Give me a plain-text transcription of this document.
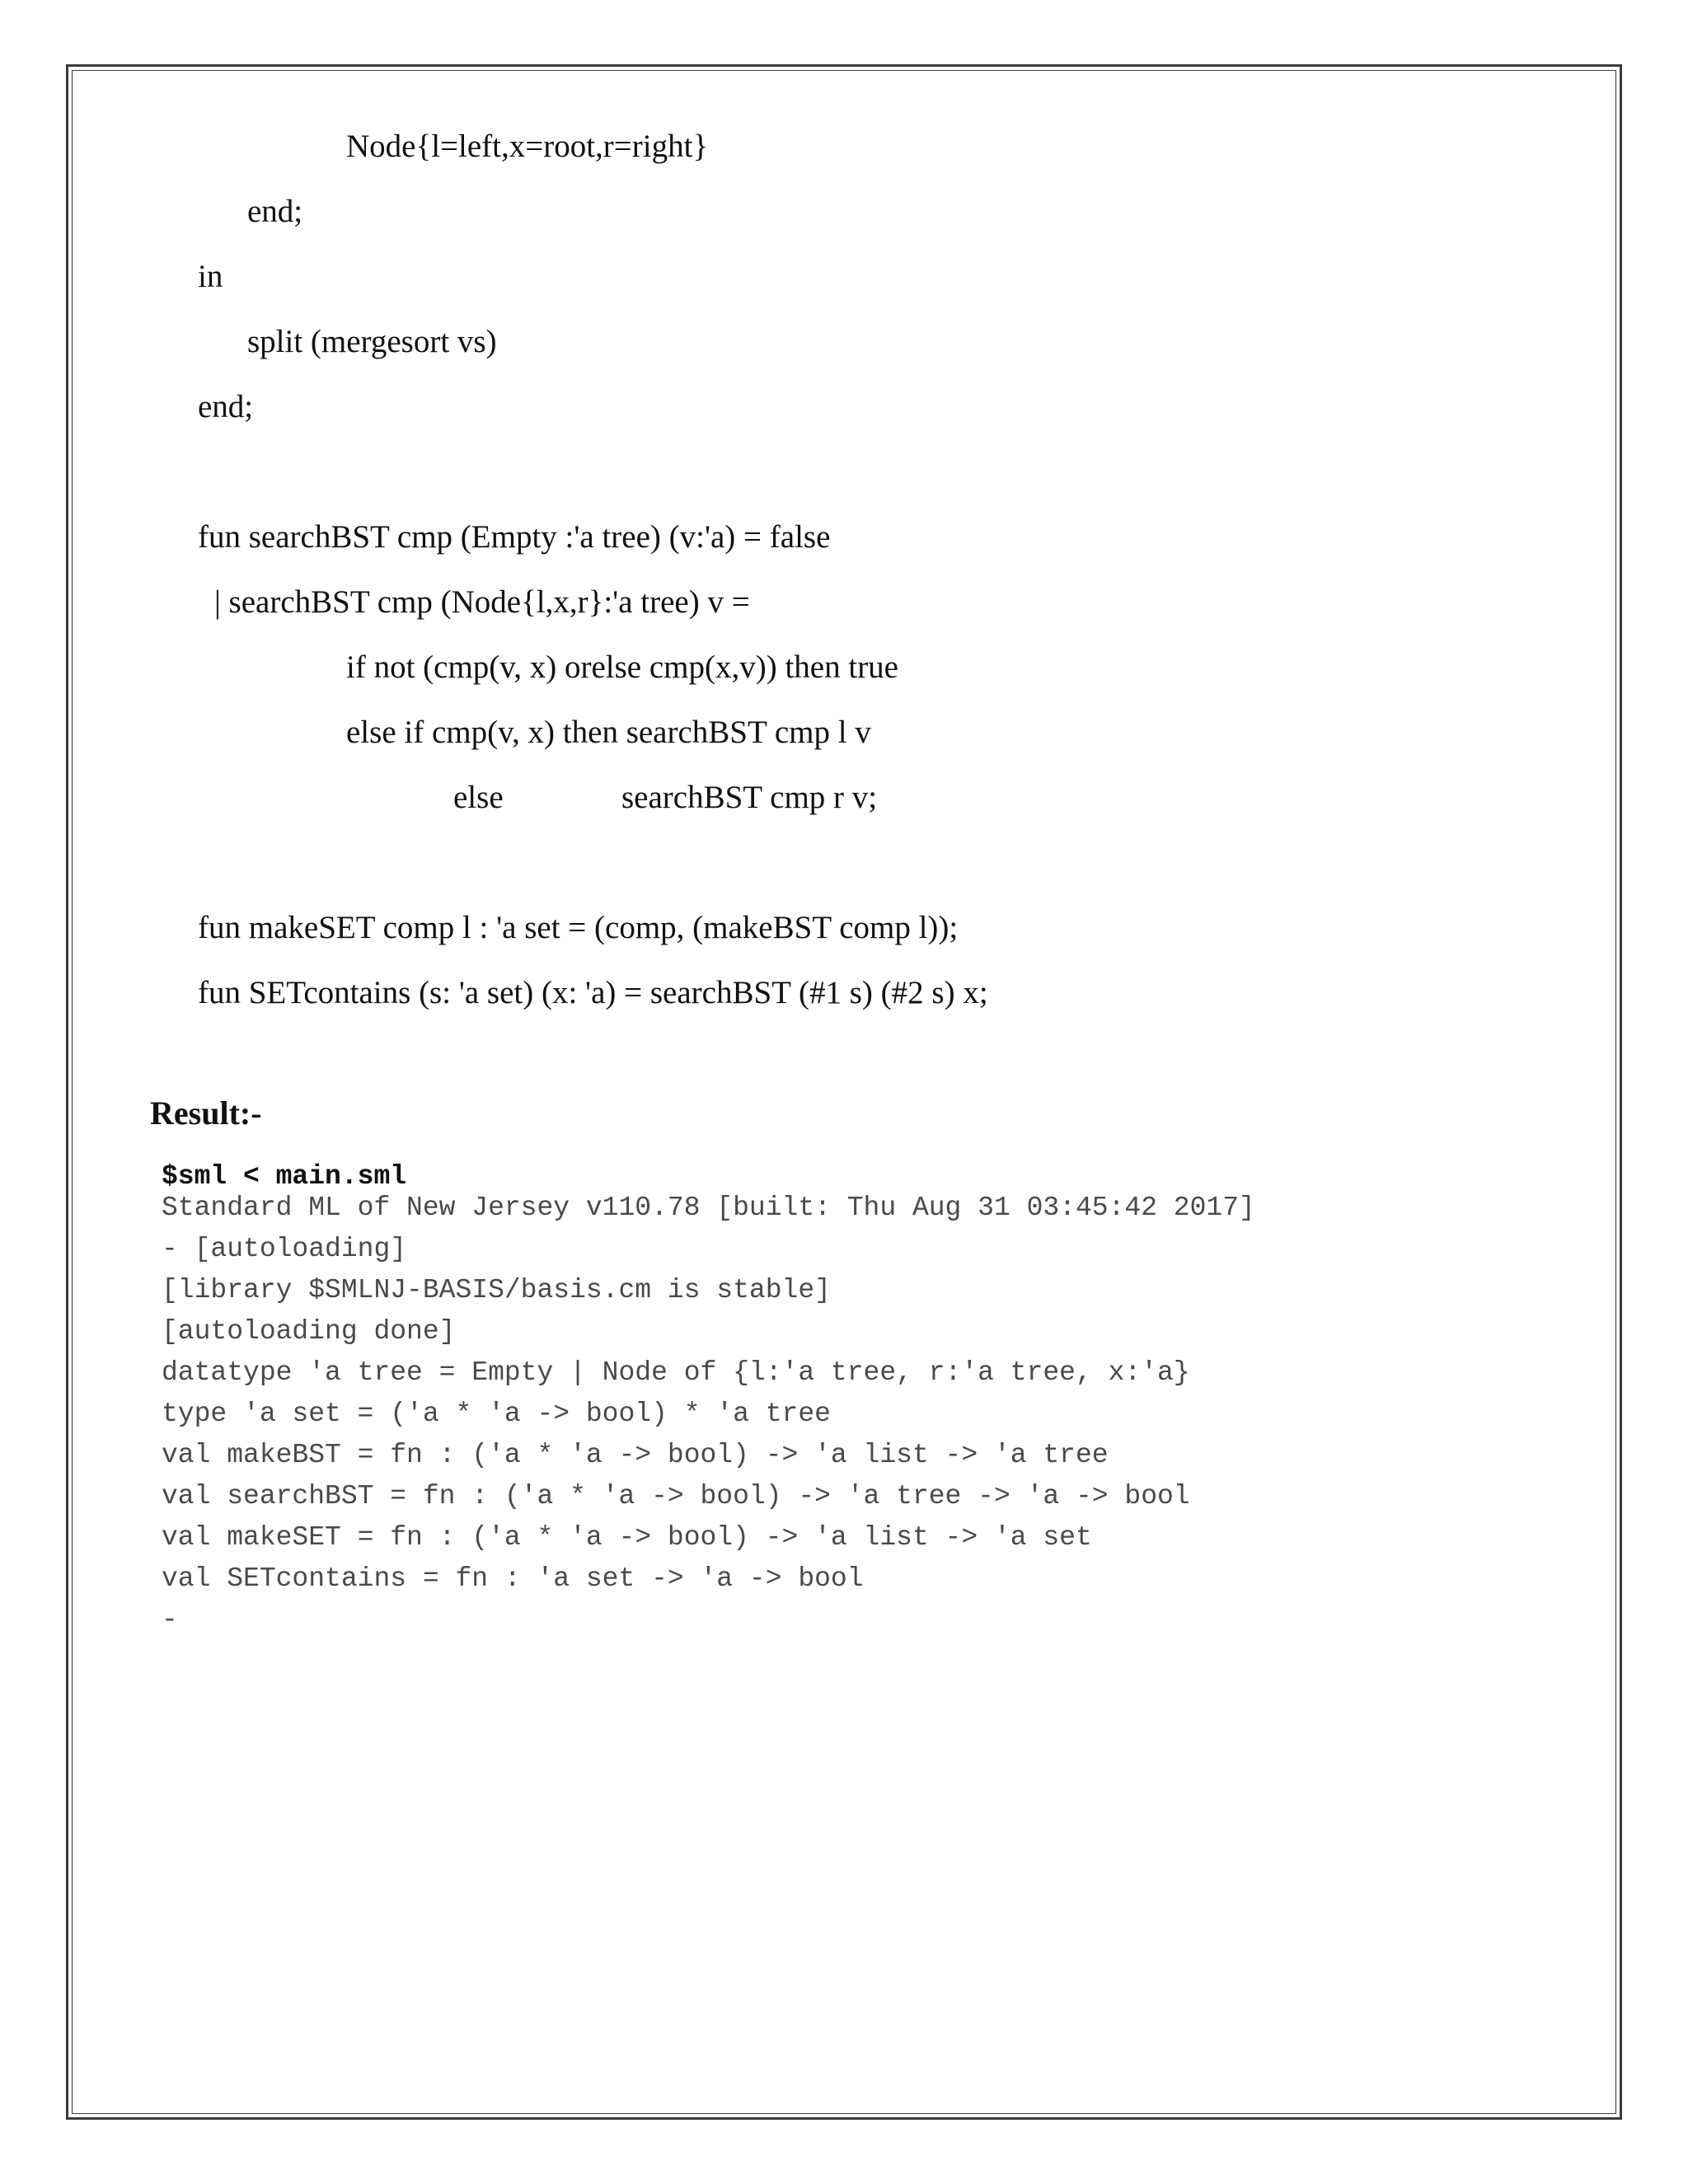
Node{l=left,x=root,r=right}
end;
in
split (mergesort vs)
end;
fun searchBST cmp (Empty :'a tree) (v:'a) = false
| searchBST cmp (Node{l,x,r}:'a tree) v =
if not (cmp(v, x) orelse cmp(x,v)) then true
else if cmp(v, x) then searchBST cmp l v
else	searchBST cmp r v;
fun makeSET comp l : 'a set = (comp, (makeBST comp l));
fun SETcontains (s: 'a set) (x: 'a) = searchBST (#1 s) (#2 s) x;
Result:-
$sml < main.sml
Standard ML of New Jersey v110.78 [built: Thu Aug 31 03:45:42 2017]
- [autoloading]
[library $SMLNJ-BASIS/basis.cm is stable]
[autoloading done]
datatype 'a tree = Empty | Node of {l:'a tree, r:'a tree, x:'a}
type 'a set = ('a * 'a -> bool) * 'a tree
val makeBST = fn : ('a * 'a -> bool) -> 'a list -> 'a tree
val searchBST = fn : ('a * 'a -> bool) -> 'a tree -> 'a -> bool
val makeSET = fn : ('a * 'a -> bool) -> 'a list -> 'a set
val SETcontains = fn : 'a set -> 'a -> bool
-
